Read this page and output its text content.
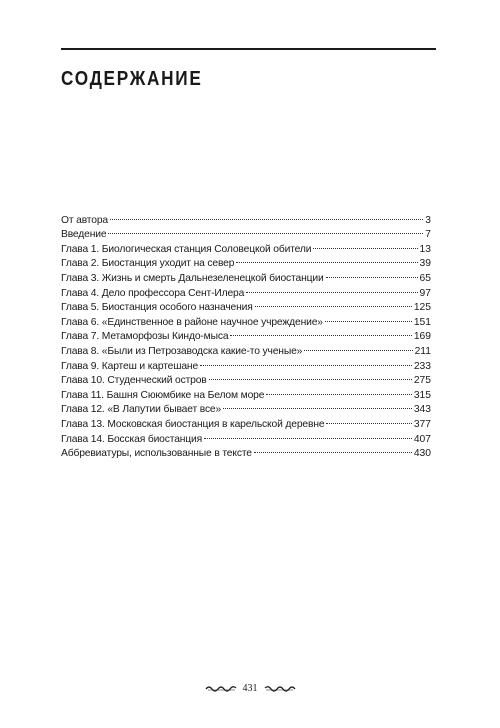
СОДЕРЖАНИЕ
От автора	3
Введение	7
Глава 1. Биологическая станция Соловецкой обители	13
Глава 2. Биостанция уходит на север	39
Глава 3. Жизнь и смерть Дальнезеленецкой биостанции	65
Глава 4. Дело профессора Сент-Илера	97
Глава 5. Биостанция особого назначения	125
Глава 6. «Единственное в районе научное учреждение»	151
Глава 7. Метаморфозы Киндо-мыса	169
Глава 8. «Были из Петрозаводска какие-то ученые»	211
Глава 9. Картеш и картешане	233
Глава 10. Студенческий остров	275
Глава 11. Башня Сююмбике на Белом море	315
Глава 12. «В Лапутии бывает все»	343
Глава 13. Московская биостанция в карельской деревне	377
Глава 14. Босская биостанция	407
Аббревиатуры, использованные в тексте	430
431
